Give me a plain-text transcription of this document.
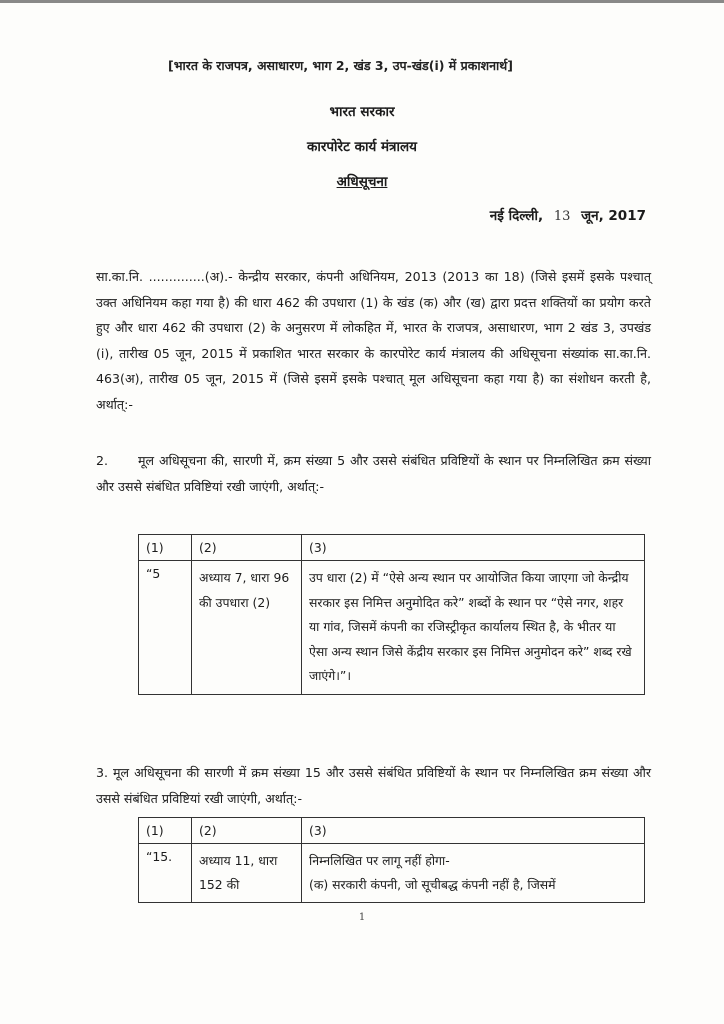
[भारत के राजपत्र, असाधारण, भाग 2, खंड 3, उप-खंड(i) में प्रकाशनार्थ]
भारत सरकार
कारपोरेट कार्य मंत्रालय
अधिसूचना
नई दिल्ली, 13 जून, 2017
सा.का.नि. ..............(अ).- केन्द्रीय सरकार, कंपनी अधिनियम, 2013 (2013 का 18) (जिसे इसमें इसके पश्चात् उक्त अधिनियम कहा गया है) की धारा 462 की उपधारा (1) के खंड (क) और (ख) द्वारा प्रदत्त शक्तियों का प्रयोग करते हुए और धारा 462 की उपधारा (2) के अनुसरण में लोकहित में, भारत के राजपत्र, असाधारण, भाग 2 खंड 3, उपखंड (i), तारीख 05 जून, 2015 में प्रकाशित भारत सरकार के कारपोरेट कार्य मंत्रालय की अधिसूचना संख्यांक सा.का.नि. 463(अ), तारीख 05 जून, 2015 में (जिसे इसमें इसके पश्चात् मूल अधिसूचना कहा गया है) का संशोधन करती है, अर्थात्:-
2. मूल अधिसूचना की, सारणी में, क्रम संख्या 5 और उससे संबंधित प्रविष्टियों के स्थान पर निम्नलिखित क्रम संख्या और उससे संबंधित प्रविष्टियां रखी जाएंगी, अर्थात्:-
(1)	(2)	(3)
“5	अध्याय 7, धारा 96 की उपधारा (2)	उप धारा (2) में “ऐसे अन्य स्थान पर आयोजित किया जाएगा जो केन्द्रीय सरकार इस निमित्त अनुमोदित करे” शब्दों के स्थान पर “ऐसे नगर, शहर या गांव, जिसमें कंपनी का रजिस्ट्रीकृत कार्यालय स्थित है, के भीतर या ऐसा अन्य स्थान जिसे केंद्रीय सरकार इस निमित्त अनुमोदन करे” शब्द रखे जाएंगे।”।
3. मूल अधिसूचना की सारणी में क्रम संख्या 15 और उससे संबंधित प्रविष्टियों के स्थान पर निम्नलिखित क्रम संख्या और उससे संबंधित प्रविष्टियां रखी जाएंगी, अर्थात्:-
(1)	(2)	(3)
“15.	अध्याय 11, धारा 152 की	निम्नलिखित पर लागू नहीं होगा-
(क) सरकारी कंपनी, जो सूचीबद्ध कंपनी नहीं है, जिसमें
1
